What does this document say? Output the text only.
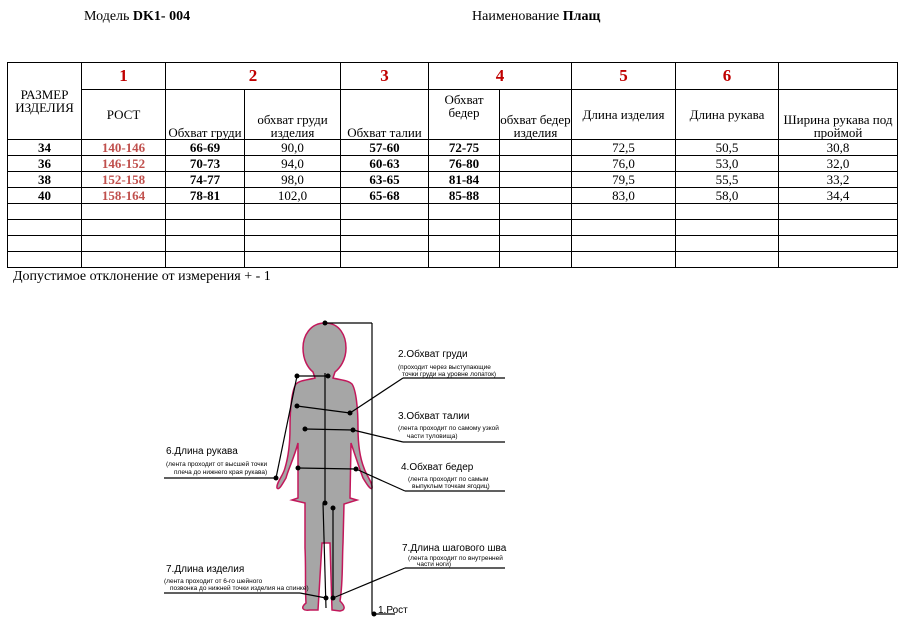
Модель DK1- 004	Наименование Плащ
РАЗМЕР ИЗДЕЛИЯ	1	2		3	4		5	6	
	РОСТ	Обхват груди	обхват груди изделия	Обхват талии	Обхват бедер	обхват бедер изделия	Длина изделия	Длина рукава	Ширина рукава под проймой
34	140-146	66-69	90,0	57-60	72-75		72,5	50,5	30,8
36	146-152	70-73	94,0	60-63	76-80		76,0	53,0	32,0
38	152-158	74-77	98,0	63-65	81-84		79,5	55,5	33,2
40	158-164	78-81	102,0	65-68	85-88		83,0	58,0	34,4

Допустимое отклонение от измерения + - 1
2.Обхват груди
(проходит через выступающие
точки груди на уровне лопаток)
3.Обхват талии
(лента проходит по самому узкой
части туловища)
4.Обхват бедер
(лента проходит по самым
выпуклым точкам ягодиц)
6.Длина рукава
(лента проходит от высшей точки
плеча до нижнего края рукава)
7.Длина шагового шва
(лента проходит по внутренней
части ноги)
7.Длина изделия
(лента проходит от 6-го шейного
позвонка до нижней точки изделия на спинке)
1.Рост
